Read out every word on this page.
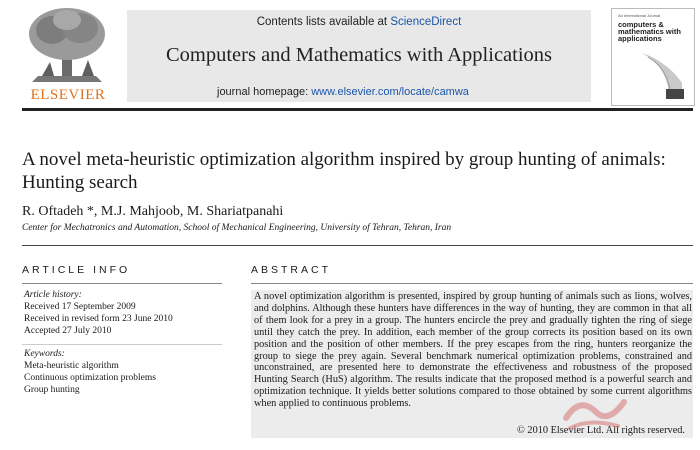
ELSEVIER
Contents lists available at ScienceDirect
Computers and Mathematics with Applications
journal homepage: www.elsevier.com/locate/camwa
An International Journal
computers & mathematics with applications
A novel meta-heuristic optimization algorithm inspired by group hunting of animals: Hunting search
R. Oftadeh *, M.J. Mahjoob, M. Shariatpanahi
Center for Mechatronics and Automation, School of Mechanical Engineering, University of Tehran, Tehran, Iran
ARTICLE INFO
Article history:
Received 17 September 2009
Received in revised form 23 June 2010
Accepted 27 July 2010
Keywords:
Meta-heuristic algorithm
Continuous optimization problems
Group hunting
ABSTRACT
A novel optimization algorithm is presented, inspired by group hunting of animals such as lions, wolves, and dolphins. Although these hunters have differences in the way of hunting, they are common in that all of them look for a prey in a group. The hunters encircle the prey and gradually tighten the ring of siege until they catch the prey. In addition, each member of the group corrects its position based on its own position and the position of other members. If the prey escapes from the ring, hunters reorganize the group to siege the prey again. Several benchmark numerical optimization problems, constrained and unconstrained, are presented here to demonstrate the effectiveness and robustness of the proposed Hunting Search (HuS) algorithm. The results indicate that the proposed method is a powerful search and optimization technique. It yields better solutions compared to those obtained by some current algorithms when applied to continuous problems.
© 2010 Elsevier Ltd. All rights reserved.
